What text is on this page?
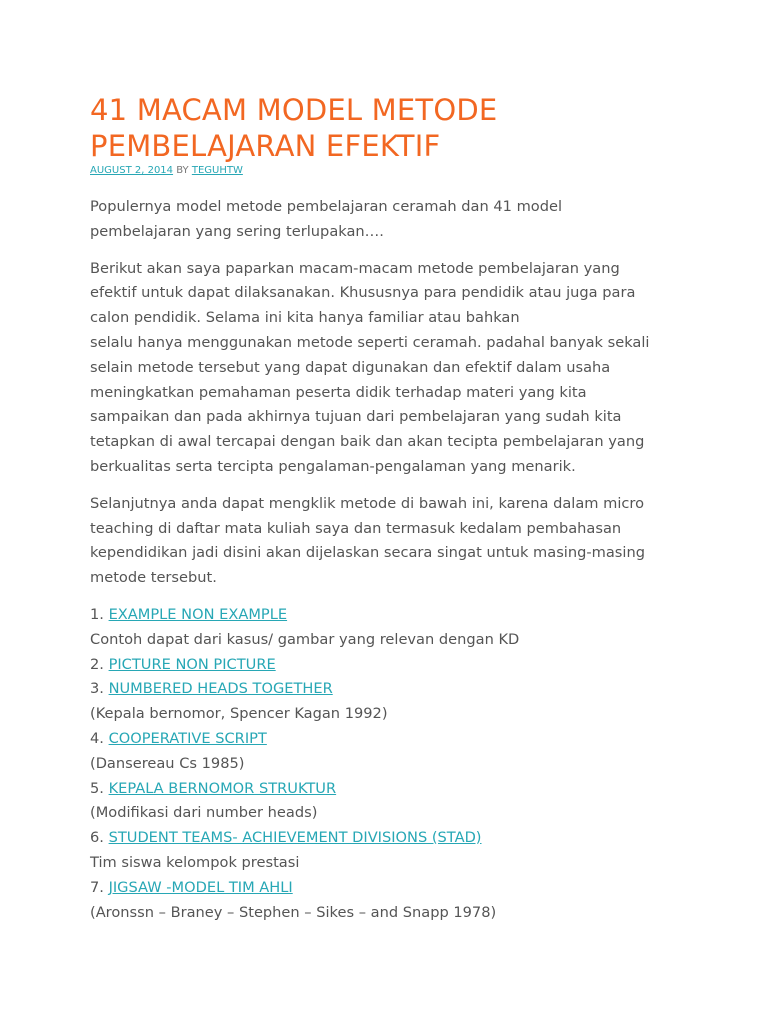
41 MACAM MODEL METODE
PEMBELAJARAN EFEKTIF
AUGUST 2, 2014 BY TEGUHTW

Populernya model metode pembelajaran ceramah dan 41 model
pembelajaran yang sering terlupakan….

Berikut akan saya paparkan macam-macam metode pembelajaran yang
efektif untuk dapat dilaksanakan. Khususnya para pendidik atau juga para
calon pendidik. Selama ini kita hanya familiar atau bahkan
selalu hanya menggunakan metode seperti ceramah. padahal banyak sekali
selain metode tersebut yang dapat digunakan dan efektif dalam usaha
meningkatkan pemahaman peserta didik terhadap materi yang kita
sampaikan dan pada akhirnya tujuan dari pembelajaran yang sudah kita
tetapkan di awal tercapai dengan baik dan akan tecipta pembelajaran yang
berkualitas serta tercipta pengalaman-pengalaman yang menarik.

Selanjutnya anda dapat mengklik metode di bawah ini, karena dalam micro
teaching di daftar mata kuliah saya dan termasuk kedalam pembahasan
kependidikan jadi disini akan dijelaskan secara singat untuk masing-masing
metode tersebut.

1. EXAMPLE NON EXAMPLE
Contoh dapat dari kasus/ gambar yang relevan dengan KD
2. PICTURE NON PICTURE
3. NUMBERED HEADS TOGETHER
(Kepala bernomor, Spencer Kagan 1992)
4. COOPERATIVE SCRIPT
(Dansereau Cs 1985)
5. KEPALA BERNOMOR STRUKTUR
(Modifikasi dari number heads)
6. STUDENT TEAMS- ACHIEVEMENT DIVISIONS (STAD)
Tim siswa kelompok prestasi
7. JIGSAW -MODEL TIM AHLI
(Aronssn – Braney – Stephen – Sikes – and Snapp 1978)
